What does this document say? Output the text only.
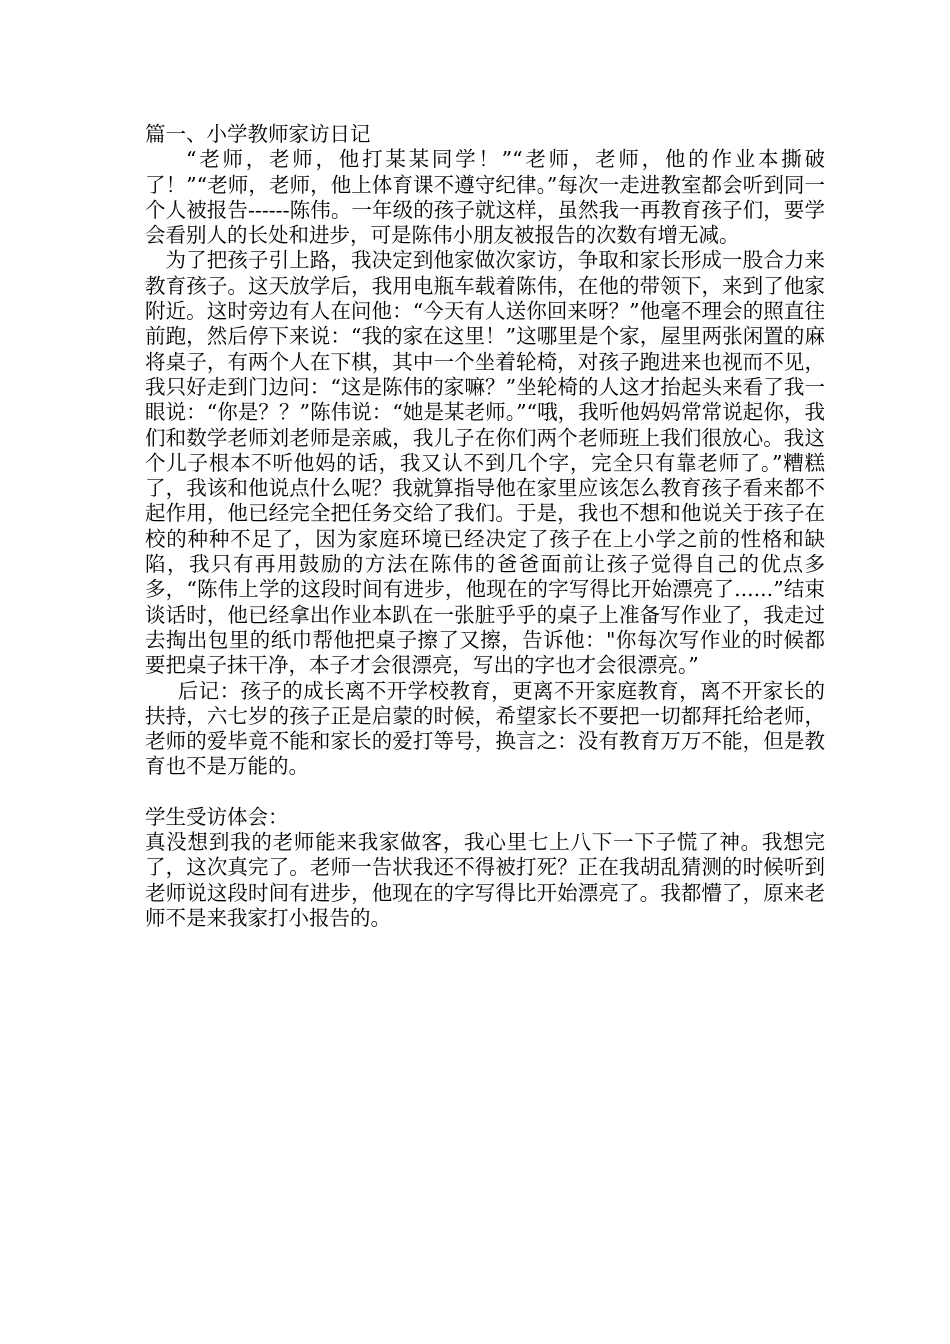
篇一、小学教师家访日记

“老师，老师，他打某某同学！”“老师，老师，他的作业本撕破了！”“老师，老师，他上体育课不遵守纪律。”每次一走进教室都会听到同一个人被报告------陈伟。一年级的孩子就这样，虽然我一再教育孩子们，要学会看别人的长处和进步，可是陈伟小朋友被报告的次数有增无减。

为了把孩子引上路，我决定到他家做次家访，争取和家长形成一股合力来教育孩子。这天放学后，我用电瓶车载着陈伟，在他的带领下，来到了他家附近。这时旁边有人在问他：“今天有人送你回来呀？”他毫不理会的照直往前跑，然后停下来说：“我的家在这里！”这哪里是个家，屋里两张闲置的麻将桌子，有两个人在下棋，其中一个坐着轮椅，对孩子跑进来也视而不见，我只好走到门边问：“这是陈伟的家嘛？”坐轮椅的人这才抬起头来看了我一眼说：“你是？？”陈伟说：“她是某老师。”“哦，我听他妈妈常常说起你，我们和数学老师刘老师是亲戚，我儿子在你们两个老师班上我们很放心。我这个儿子根本不听他妈的话，我又认不到几个字，完全只有靠老师了。”糟糕了，我该和他说点什么呢？我就算指导他在家里应该怎么教育孩子看来都不起作用，他已经完全把任务交给了我们。于是，我也不想和他说关于孩子在校的种种不足了，因为家庭环境已经决定了孩子在上小学之前的性格和缺陷，我只有再用鼓励的方法在陈伟的爸爸面前让孩子觉得自己的优点多多，“陈伟上学的这段时间有进步，他现在的字写得比开始漂亮了......”结束谈话时，他已经拿出作业本趴在一张脏乎乎的桌子上准备写作业了，我走过去掏出包里的纸巾帮他把桌子擦了又擦，告诉他："你每次写作业的时候都要把桌子抹干净，本子才会很漂亮，写出的字也才会很漂亮。”

后记：孩子的成长离不开学校教育，更离不开家庭教育，离不开家长的扶持，六七岁的孩子正是启蒙的时候，希望家长不要把一切都拜托给老师，老师的爱毕竟不能和家长的爱打等号，换言之：没有教育万万不能，但是教育也不是万能的。

学生受访体会：

真没想到我的老师能来我家做客，我心里七上八下一下子慌了神。我想完了，这次真完了。老师一告状我还不得被打死？正在我胡乱猜测的时候听到老师说这段时间有进步，他现在的字写得比开始漂亮了。我都懵了，原来老师不是来我家打小报告的。
